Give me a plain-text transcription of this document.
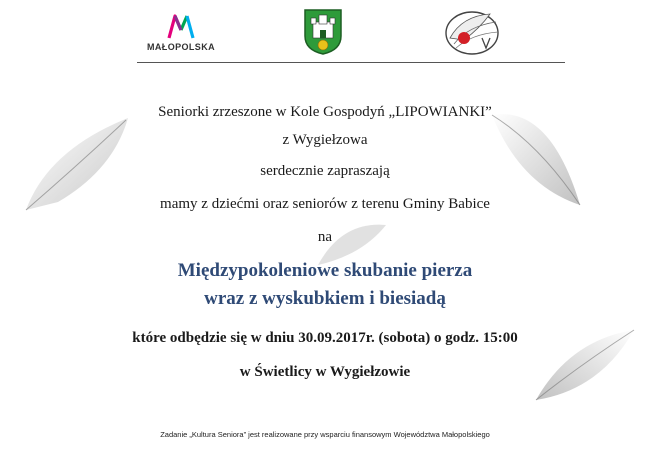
MAŁOPOLSKA
Seniorki zrzeszone w Kole Gospodyń „LIPOWIANKI”
z Wygiełzowa
serdecznie zapraszają
mamy z dziećmi oraz seniorów z terenu Gminy Babice
na
Międzypokoleniowe skubanie pierza
wraz z wyskubkiem i biesiadą
które odbędzie się w dniu 30.09.2017r. (sobota) o godz. 15:00
w Świetlicy w Wygiełzowie
Zadanie „Kultura Seniora” jest realizowane przy wsparciu finansowym Województwa Małopolskiego
